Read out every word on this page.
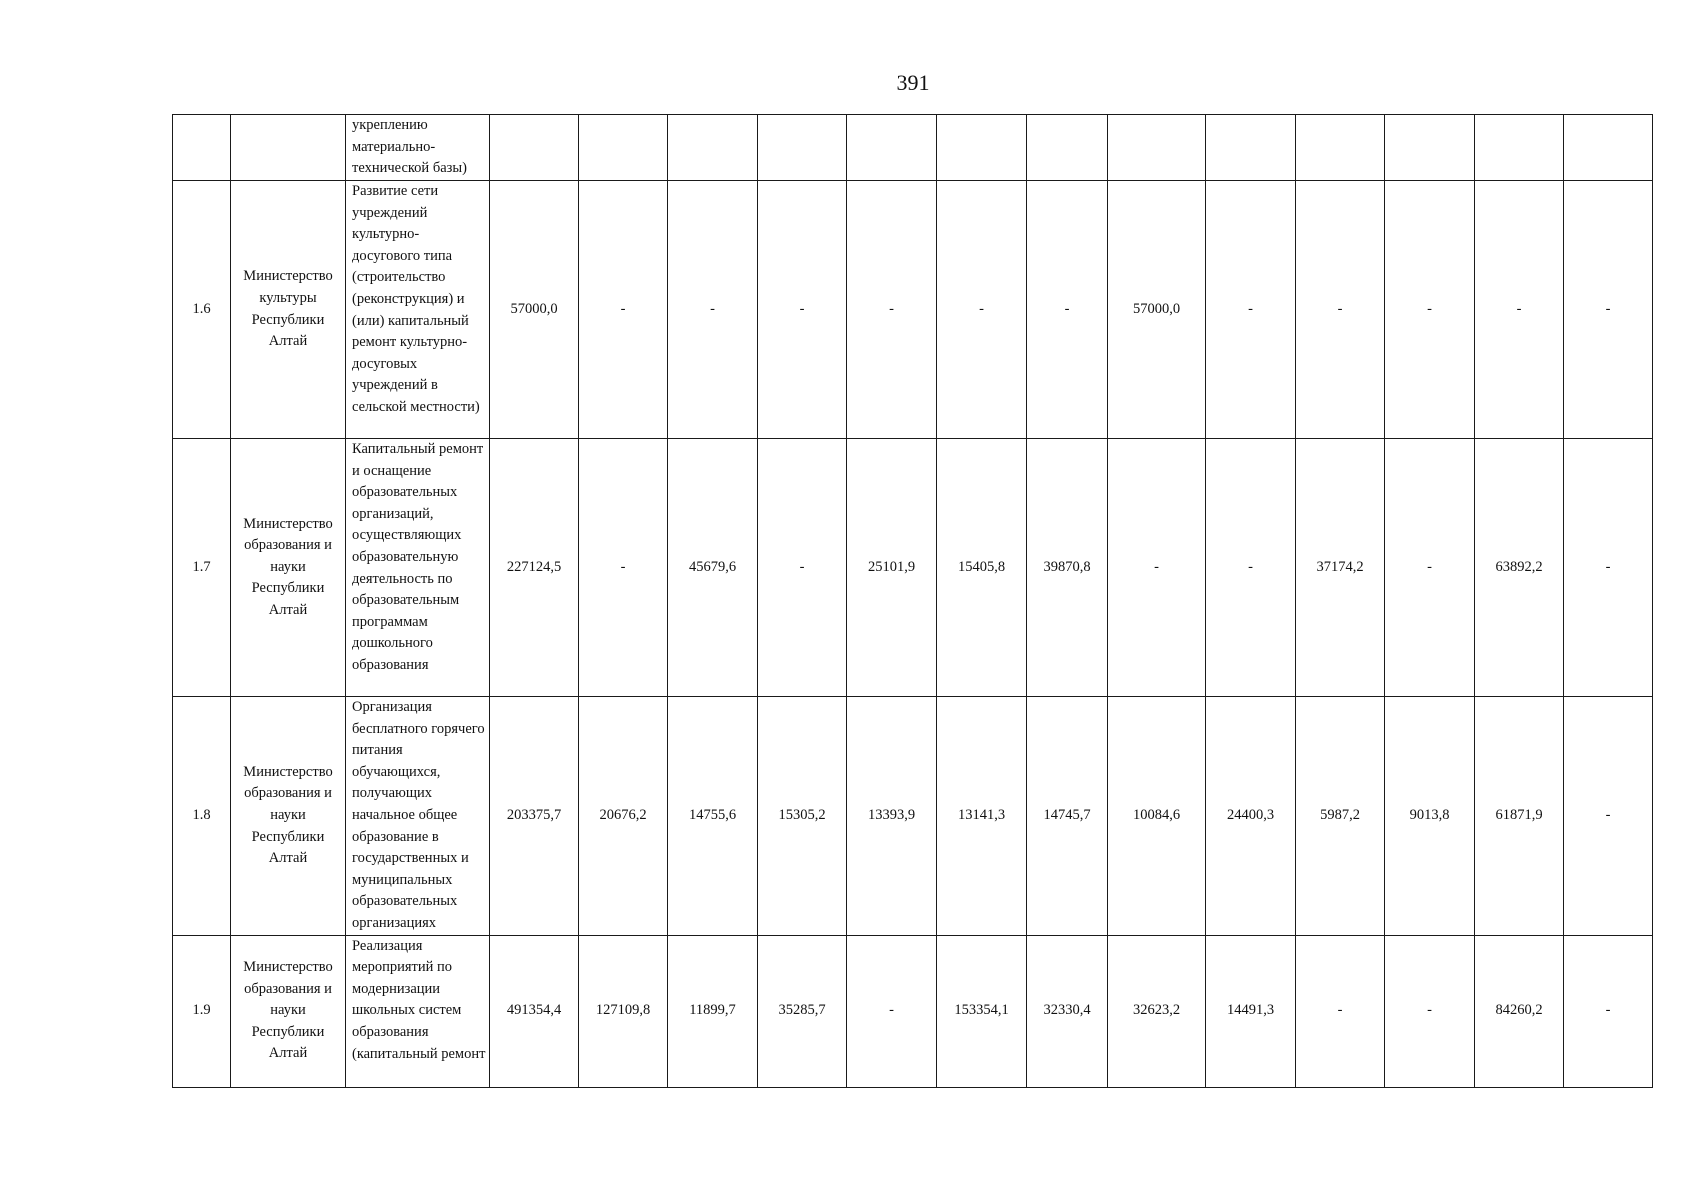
391
		укреплению материально-технической базы)													
1.6	Министерство культуры Республики Алтай	Развитие сети учреждений культурно-досугового типа (строительство (реконструкция) и (или) капитальный ремонт культурно-досуговых учреждений в сельской местности)	57000,0	-	-	-	-	-	-	57000,0	-	-	-	-	-
1.7	Министерство образования и науки Республики Алтай	Капитальный ремонт и оснащение образовательных организаций, осуществляющих образовательную деятельность по образовательным программам дошкольного образования	227124,5	-	45679,6	-	25101,9	15405,8	39870,8	-	-	37174,2	-	63892,2	-
1.8	Министерство образования и науки Республики Алтай	Организация бесплатного горячего питания обучающихся, получающих начальное общее образование в государственных и муниципальных образовательных организациях	203375,7	20676,2	14755,6	15305,2	13393,9	13141,3	14745,7	10084,6	24400,3	5987,2	9013,8	61871,9	-
1.9	Министерство образования и науки Республики Алтай	Реализация мероприятий по модернизации школьных систем образования (капитальный ремонт	491354,4	127109,8	11899,7	35285,7	-	153354,1	32330,4	32623,2	14491,3	-	-	84260,2	-
